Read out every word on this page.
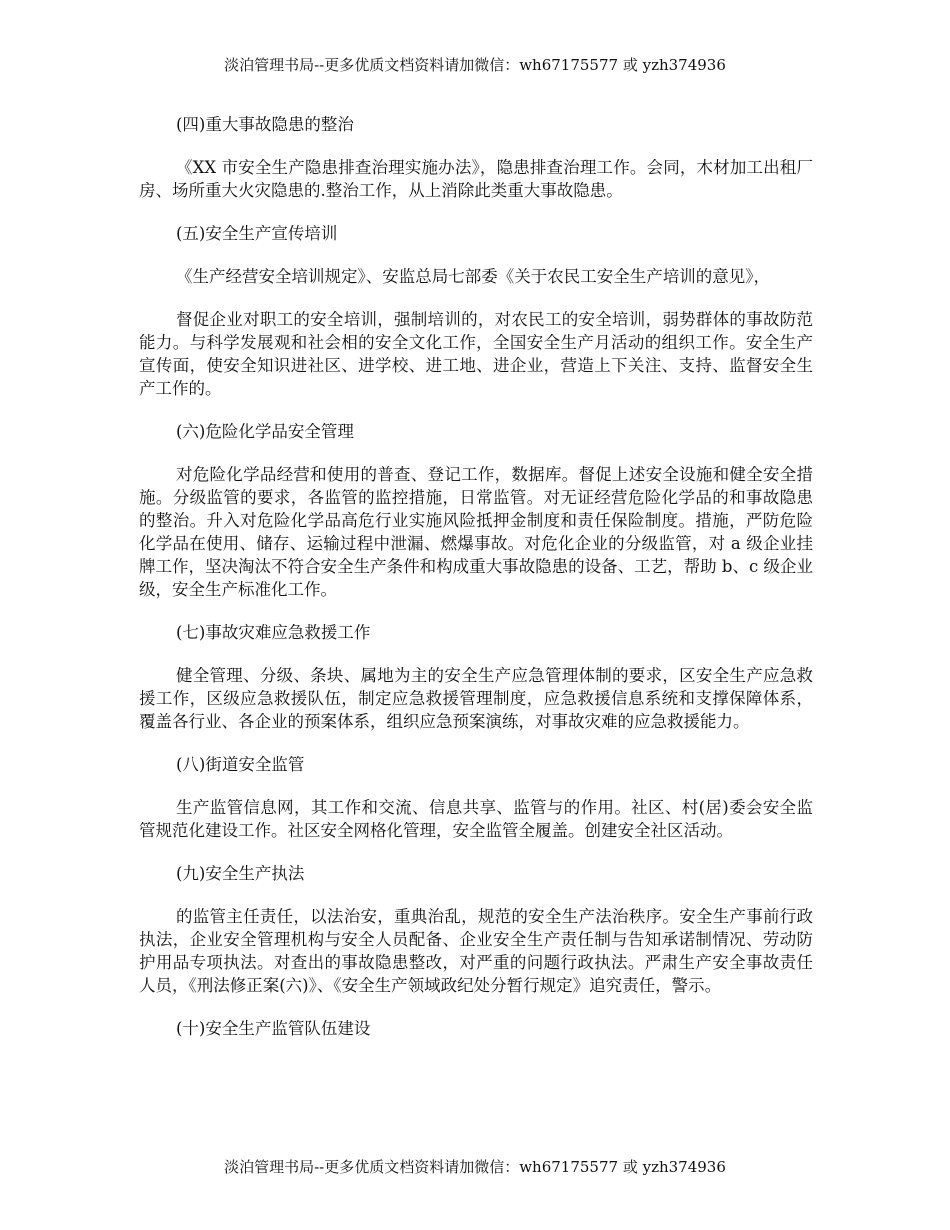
淡泊管理书局--更多优质文档资料请加微信：wh67175577 或 yzh374936

(四)重大事故隐患的整治

《XX 市安全生产隐患排查治理实施办法》，隐患排查治理工作。会同，木材加工出租厂房、场所重大火灾隐患的.整治工作，从上消除此类重大事故隐患。

(五)安全生产宣传培训

《生产经营安全培训规定》、安监总局七部委《关于农民工安全生产培训的意见》，

督促企业对职工的安全培训，强制培训的，对农民工的安全培训，弱势群体的事故防范能力。与科学发展观和社会相的安全文化工作，全国安全生产月活动的组织工作。安全生产宣传面，使安全知识进社区、进学校、进工地、进企业，营造上下关注、支持、监督安全生产工作的。

(六)危险化学品安全管理

对危险化学品经营和使用的普查、登记工作，数据库。督促上述安全设施和健全安全措施。分级监管的要求，各监管的监控措施，日常监管。对无证经营危险化学品的和事故隐患的整治。升入对危险化学品高危行业实施风险抵押金制度和责任保险制度。措施，严防危险化学品在使用、储存、运输过程中泄漏、燃爆事故。对危化企业的分级监管，对 a 级企业挂牌工作，坚决淘汰不符合安全生产条件和构成重大事故隐患的设备、工艺，帮助 b、c 级企业级，安全生产标准化工作。

(七)事故灾难应急救援工作

健全管理、分级、条块、属地为主的安全生产应急管理体制的要求，区安全生产应急救援工作，区级应急救援队伍，制定应急救援管理制度，应急救援信息系统和支撑保障体系，覆盖各行业、各企业的预案体系，组织应急预案演练，对事故灾难的应急救援能力。

(八)街道安全监管

生产监管信息网，其工作和交流、信息共享、监管与的作用。社区、村(居)委会安全监管规范化建设工作。社区安全网格化管理，安全监管全履盖。创建安全社区活动。

(九)安全生产执法

的监管主任责任，以法治安，重典治乱，规范的安全生产法治秩序。安全生产事前行政执法，企业安全管理机构与安全人员配备、企业安全生产责任制与告知承诺制情况、劳动防护用品专项执法。对查出的事故隐患整改，对严重的问题行政执法。严肃生产安全事故责任人员，《刑法修正案(六)》、《安全生产领域政纪处分暂行规定》追究责任，警示。

(十)安全生产监管队伍建设

淡泊管理书局--更多优质文档资料请加微信：wh67175577 或 yzh374936
